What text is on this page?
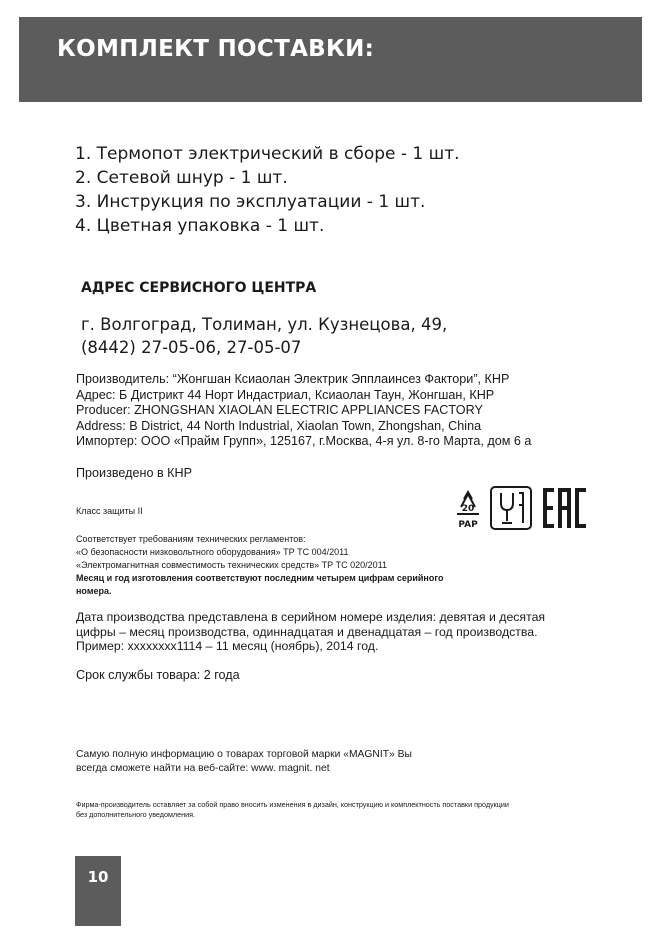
КОМПЛЕКТ ПОСТАВКИ:
1. Термопот электрический в сборе - 1 шт.
2. Сетевой шнур - 1 шт.
3. Инструкция по эксплуатации - 1 шт.
4. Цветная упаковка - 1 шт.
АДРЕС СЕРВИСНОГО ЦЕНТРА
г. Волгоград, Толиман, ул. Кузнецова, 49,
(8442) 27-05-06, 27-05-07
Производитель: “Жонгшан Ксиаолан Электрик Эпплаинсез Фактори”, КНР
Адрес: Б Дистрикт 44 Норт Индастриал, Ксиаолан Таун, Жонгшан, КНР
Producer: ZHONGSHAN XIAOLAN ELECTRIC APPLIANCES FACTORY
Address: B District, 44 North Industrial, Xiaolan Town, Zhongshan, China
Импортер: ООО «Прайм Групп», 125167, г.Москва, 4-я ул. 8-го Марта, дом 6 а
Произведено в КНР
Класс защиты II	20
PAP
Соответствует требованиям технических регламентов:
«О безопасности низковольтного оборудования» ТР ТС 004/2011
«Электромагнитная совместимость технических средств» ТР ТС 020/2011
Месяц и год изготовления соответствуют последним четырем цифрам серийного
номера.
Дата производства представлена в серийном номере изделия: девятая и десятая
цифры – месяц производства, одиннадцатая и двенадцатая – год производства.
Пример: хххххххх1114 – 11 месяц (ноябрь), 2014 год.
Срок службы товара: 2 года
Самую полную информацию о товарах торговой марки «MAGNIT» Вы
всегда сможете найти на веб-сайте: www. magnit. net
Фирма-производитель оставляет за собой право вносить изменения в дизайн, конструкцию и комплектность поставки продукции
без дополнительного уведомления.
10
